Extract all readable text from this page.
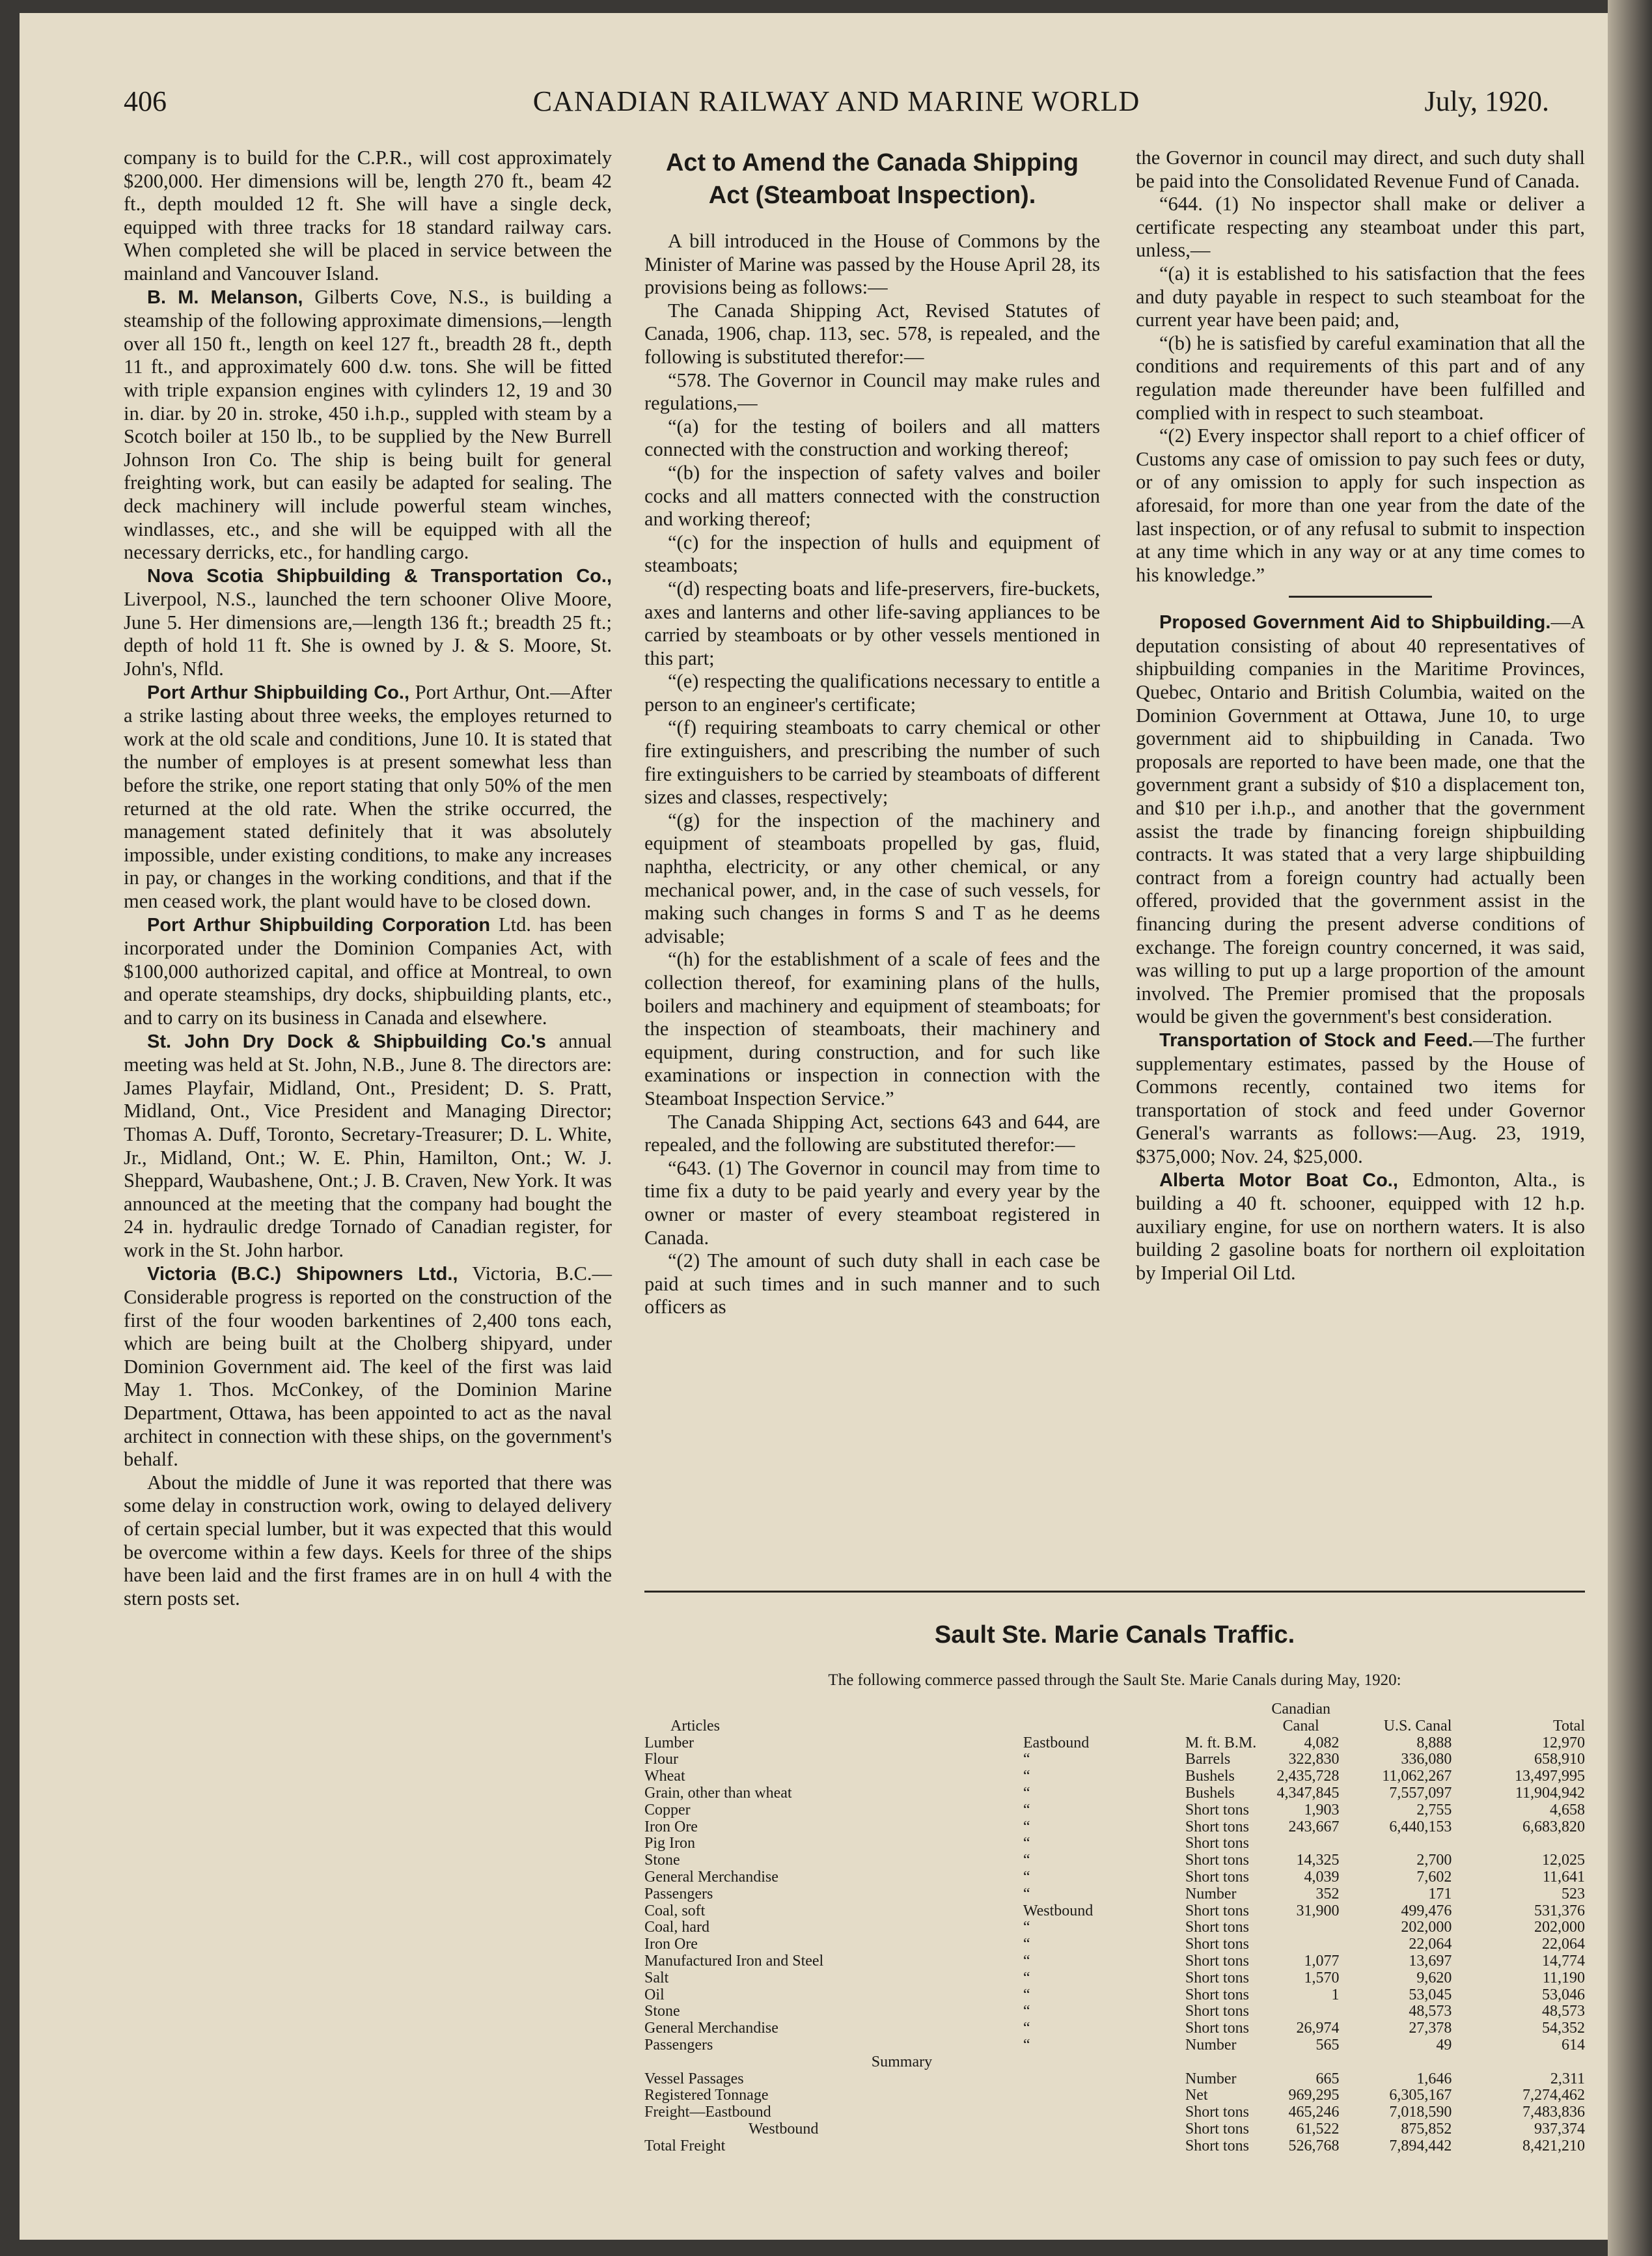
406	CANADIAN RAILWAY AND MARINE WORLD	July, 1920.

company is to build for the C.P.R., will cost approximately $200,000. Her dimensions will be, length 270 ft., beam 42 ft., depth moulded 12 ft. She will have a single deck, equipped with three tracks for 18 standard railway cars. When completed she will be placed in service between the mainland and Vancouver Island.

B. M. Melanson, Gilberts Cove, N.S., is building a steamship of the following approximate dimensions,—length over all 150 ft., length on keel 127 ft., breadth 28 ft., depth 11 ft., and approximately 600 d.w. tons. She will be fitted with triple expansion engines with cylinders 12, 19 and 30 in. diar. by 20 in. stroke, 450 i.h.p., suppled with steam by a Scotch boiler at 150 lb., to be supplied by the New Burrell Johnson Iron Co. The ship is being built for general freighting work, but can easily be adapted for sealing. The deck machinery will include powerful steam winches, windlasses, etc., and she will be equipped with all the necessary derricks, etc., for handling cargo.

Nova Scotia Shipbuilding & Transportation Co., Liverpool, N.S., launched the tern schooner Olive Moore, June 5. Her dimensions are,—length 136 ft.; breadth 25 ft.; depth of hold 11 ft. She is owned by J. & S. Moore, St. John's, Nfld.

Port Arthur Shipbuilding Co., Port Arthur, Ont.—After a strike lasting about three weeks, the employes returned to work at the old scale and conditions, June 10. It is stated that the number of employes is at present somewhat less than before the strike, one report stating that only 50% of the men returned at the old rate. When the strike occurred, the management stated definitely that it was absolutely impossible, under existing conditions, to make any increases in pay, or changes in the working conditions, and that if the men ceased work, the plant would have to be closed down.

Port Arthur Shipbuilding Corporation Ltd. has been incorporated under the Dominion Companies Act, with $100,000 authorized capital, and office at Montreal, to own and operate steamships, dry docks, shipbuilding plants, etc., and to carry on its business in Canada and elsewhere.

St. John Dry Dock & Shipbuilding Co.'s annual meeting was held at St. John, N.B., June 8. The directors are: James Playfair, Midland, Ont., President; D. S. Pratt, Midland, Ont., Vice President and Managing Director; Thomas A. Duff, Toronto, Secretary-Treasurer; D. L. White, Jr., Midland, Ont.; W. E. Phin, Hamilton, Ont.; W. J. Sheppard, Waubashene, Ont.; J. B. Craven, New York. It was announced at the meeting that the company had bought the 24 in. hydraulic dredge Tornado of Canadian register, for work in the St. John harbor.

Victoria (B.C.) Shipowners Ltd., Victoria, B.C.—Considerable progress is reported on the construction of the first of the four wooden barkentines of 2,400 tons each, which are being built at the Cholberg shipyard, under Dominion Government aid. The keel of the first was laid May 1. Thos. McConkey, of the Dominion Marine Department, Ottawa, has been appointed to act as the naval architect in connection with these ships, on the government's behalf.

About the middle of June it was reported that there was some delay in construction work, owing to delayed delivery of certain special lumber, but it was expected that this would be overcome within a few days. Keels for three of the ships have been laid and the first frames are in on hull 4 with the stern posts set.

Act to Amend the Canada Shipping Act (Steamboat Inspection).

A bill introduced in the House of Commons by the Minister of Marine was passed by the House April 28, its provisions being as follows:—

The Canada Shipping Act, Revised Statutes of Canada, 1906, chap. 113, sec. 578, is repealed, and the following is substituted therefor:—

“578. The Governor in Council may make rules and regulations,—

“(a) for the testing of boilers and all matters connected with the construction and working thereof;

“(b) for the inspection of safety valves and boiler cocks and all matters connected with the construction and working thereof;

“(c) for the inspection of hulls and equipment of steamboats;

“(d) respecting boats and life-preservers, fire-buckets, axes and lanterns and other life-saving appliances to be carried by steamboats or by other vessels mentioned in this part;

“(e) respecting the qualifications necessary to entitle a person to an engineer's certificate;

“(f) requiring steamboats to carry chemical or other fire extinguishers, and prescribing the number of such fire extinguishers to be carried by steamboats of different sizes and classes, respectively;

“(g) for the inspection of the machinery and equipment of steamboats propelled by gas, fluid, naphtha, electricity, or any other chemical, or any mechanical power, and, in the case of such vessels, for making such changes in forms S and T as he deems advisable;

“(h) for the establishment of a scale of fees and the collection thereof, for examining plans of the hulls, boilers and machinery and equipment of steamboats; for the inspection of steamboats, their machinery and equipment, during construction, and for such like examinations or inspection in connection with the Steamboat Inspection Service.”

The Canada Shipping Act, sections 643 and 644, are repealed, and the following are substituted therefor:—

“643. (1) The Governor in council may from time to time fix a duty to be paid yearly and every year by the owner or master of every steamboat registered in Canada.

“(2) The amount of such duty shall in each case be paid at such times and in such manner and to such officers as

the Governor in council may direct, and such duty shall be paid into the Consolidated Revenue Fund of Canada.

“644. (1) No inspector shall make or deliver a certificate respecting any steamboat under this part, unless,—

“(a) it is established to his satisfaction that the fees and duty payable in respect to such steamboat for the current year have been paid; and,

“(b) he is satisfied by careful examination that all the conditions and requirements of this part and of any regulation made thereunder have been fulfilled and complied with in respect to such steamboat.

“(2) Every inspector shall report to a chief officer of Customs any case of omission to pay such fees or duty, or of any omission to apply for such inspection as aforesaid, for more than one year from the date of the last inspection, or of any refusal to submit to inspection at any time which in any way or at any time comes to his knowledge.”

Proposed Government Aid to Shipbuilding.—A deputation consisting of about 40 representatives of shipbuilding companies in the Maritime Provinces, Quebec, Ontario and British Columbia, waited on the Dominion Government at Ottawa, June 10, to urge government aid to shipbuilding in Canada. Two proposals are reported to have been made, one that the government grant a subsidy of $10 a displacement ton, and $10 per i.h.p., and another that the government assist the trade by financing foreign shipbuilding contracts. It was stated that a very large shipbuilding contract from a foreign country had actually been offered, provided that the government assist in the financing during the present adverse conditions of exchange. The foreign country concerned, it was said, was willing to put up a large proportion of the amount involved. The Premier promised that the proposals would be given the government's best consideration.

Transportation of Stock and Feed.—The further supplementary estimates, passed by the House of Commons recently, contained two items for transportation of stock and feed under Governor General's warrants as follows:—Aug. 23, 1919, $375,000; Nov. 24, $25,000.

Alberta Motor Boat Co., Edmonton, Alta., is building a 40 ft. schooner, equipped with 12 h.p. auxiliary engine, for use on northern waters. It is also building 2 gasoline boats for northern oil exploitation by Imperial Oil Ltd.

Sault Ste. Marie Canals Traffic.
The following commerce passed through the Sault Ste. Marie Canals during May, 1920:
Articles			Canadian Canal	U.S. Canal	Total
Lumber	Eastbound	M. ft. B.M.	4,082	8,888	12,970
Flour	“	Barrels	322,830	336,080	658,910
Wheat	“	Bushels	2,435,728	11,062,267	13,497,995
Grain, other than wheat	“	Bushels	4,347,845	7,557,097	11,904,942
Copper	“	Short tons	1,903	2,755	4,658
Iron Ore	“	Short tons	243,667	6,440,153	6,683,820
Pig Iron	“	Short tons			
Stone	“	Short tons	14,325	2,700	12,025
General Merchandise	“	Short tons	4,039	7,602	11,641
Passengers	“	Number	352	171	523
Coal, soft	Westbound	Short tons	31,900	499,476	531,376
Coal, hard	“	Short tons		202,000	202,000
Iron Ore	“	Short tons		22,064	22,064
Manufactured Iron and Steel	“	Short tons	1,077	13,697	14,774
Salt	“	Short tons	1,570	9,620	11,190
Oil	“	Short tons	1	53,045	53,046
Stone	“	Short tons		48,573	48,573
General Merchandise	“	Short tons	26,974	27,378	54,352
Passengers	“	Number	565	49	614
Summary					
Vessel Passages		Number	665	1,646	2,311
Registered Tonnage		Net	969,295	6,305,167	7,274,462
Freight—Eastbound		Short tons	465,246	7,018,590	7,483,836
Westbound		Short tons	61,522	875,852	937,374
Total Freight		Short tons	526,768	7,894,442	8,421,210
